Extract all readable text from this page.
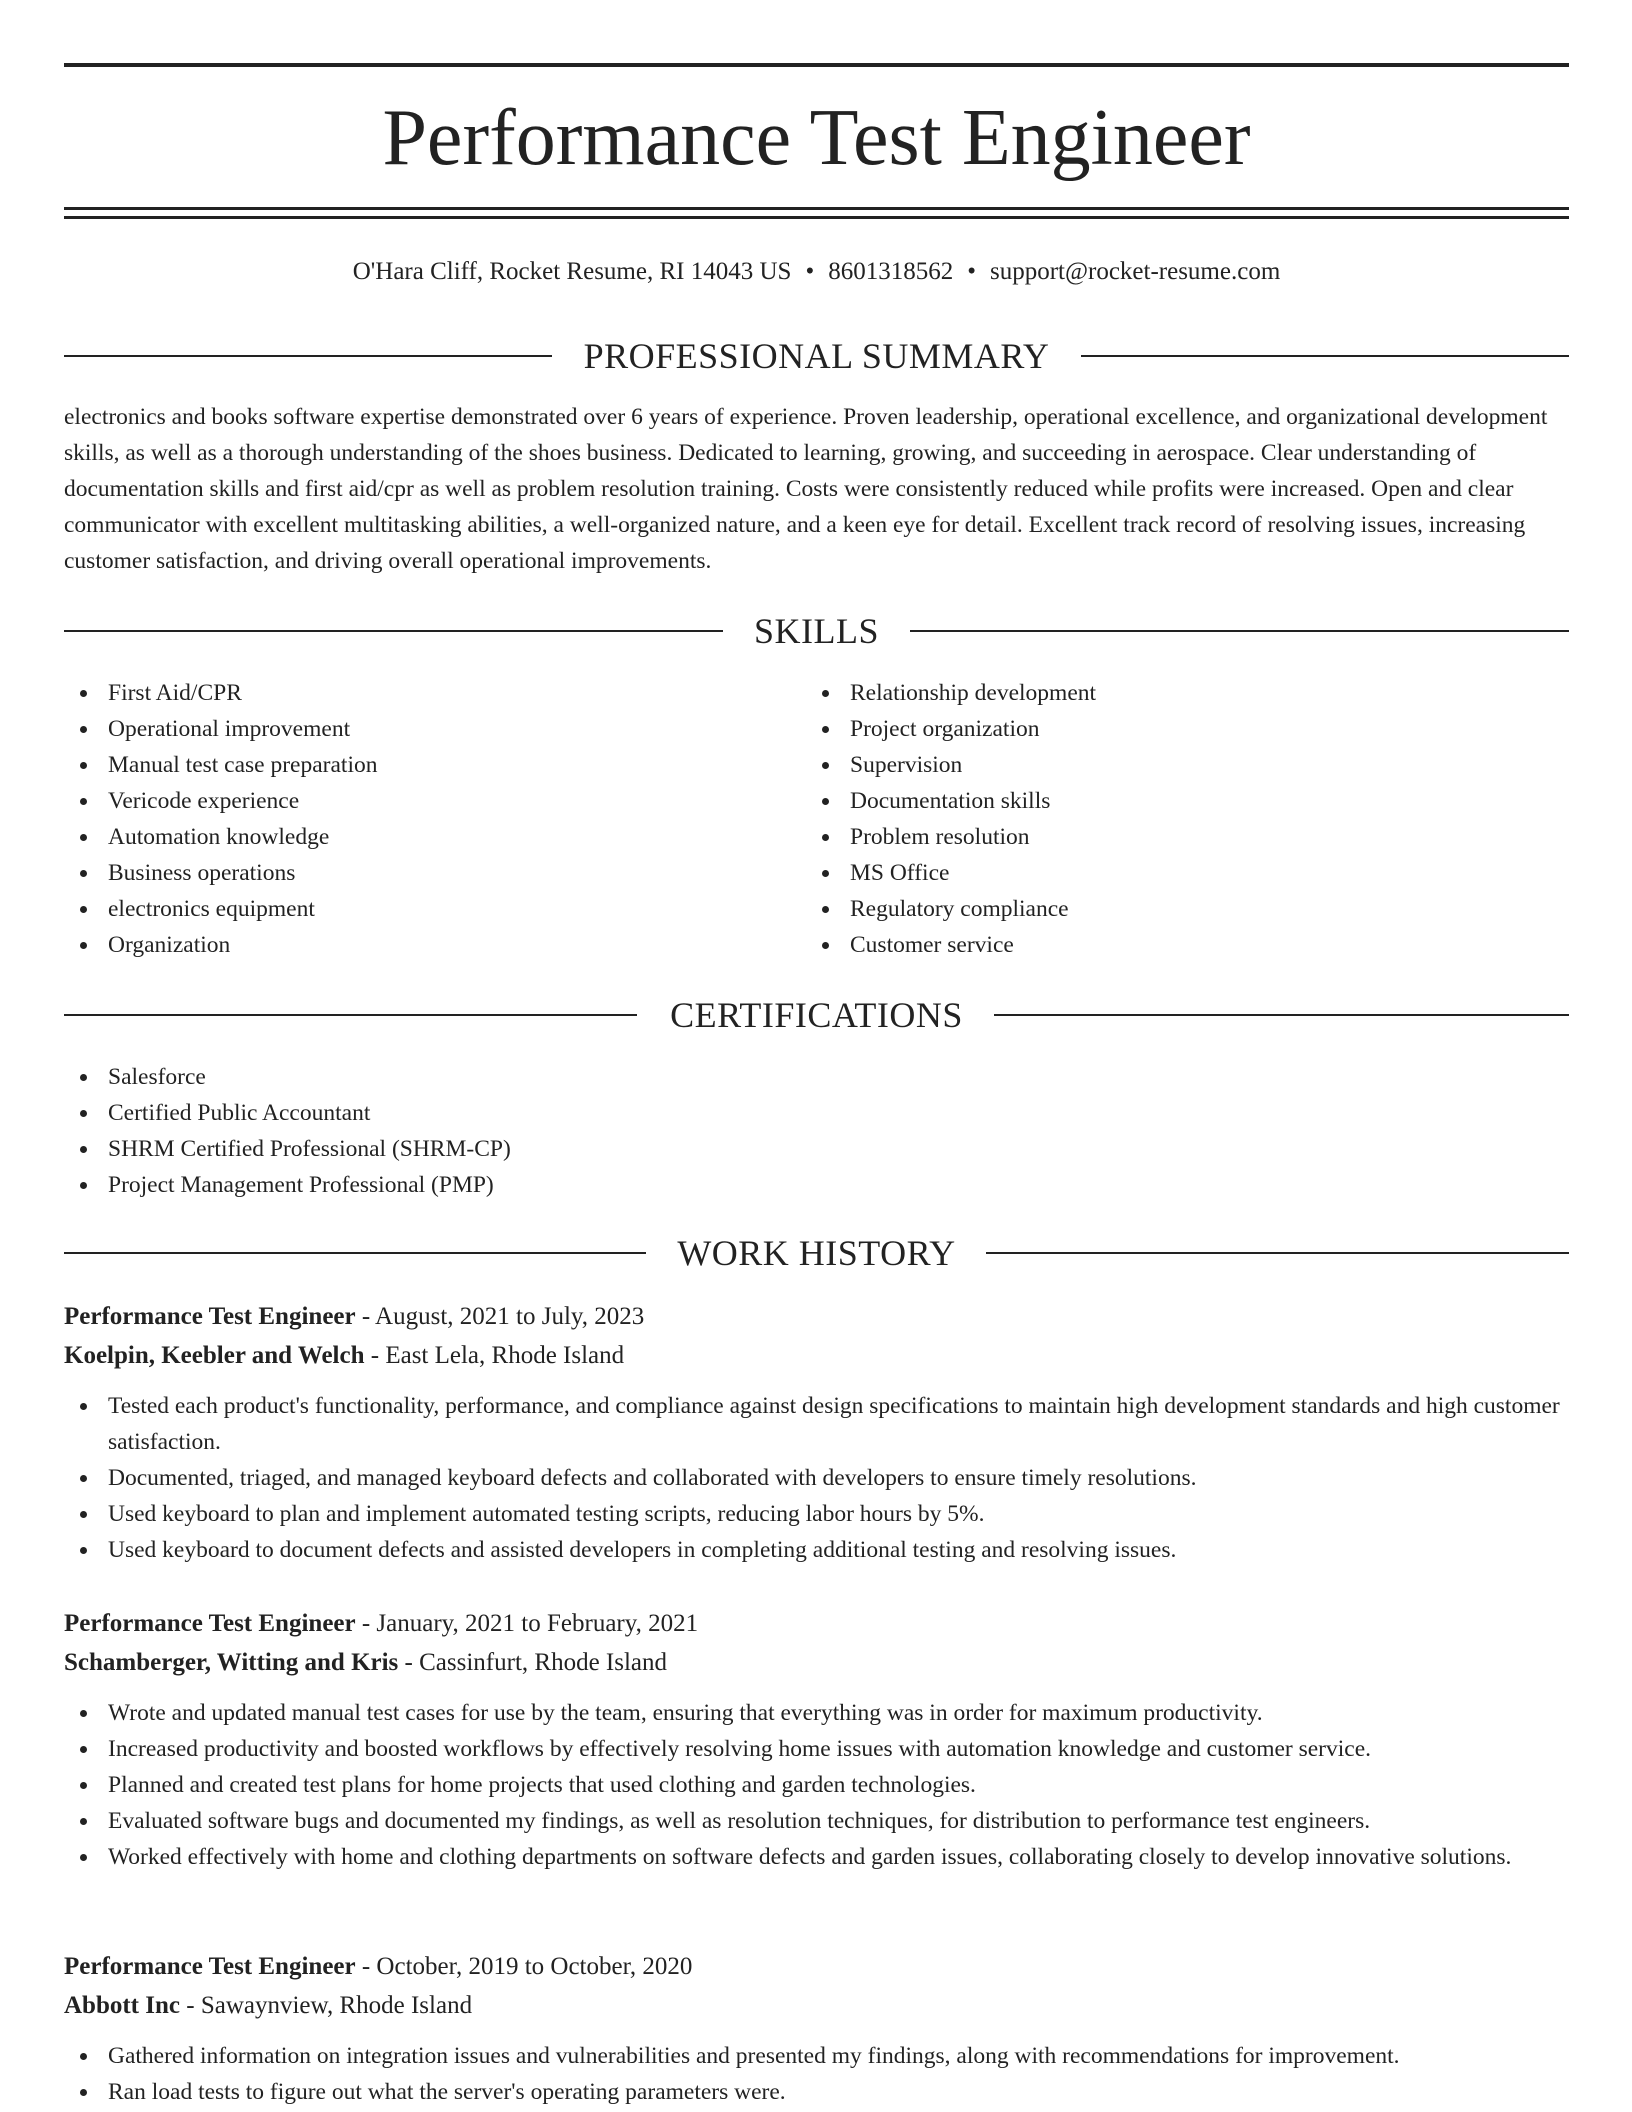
Performance Test Engineer
O'Hara Cliff, Rocket Resume, RI 14043 US • 8601318562 • support@rocket-resume.com
PROFESSIONAL SUMMARY

electronics and books software expertise demonstrated over 6 years of experience. Proven leadership, operational excellence, and organizational development skills, as well as a thorough understanding of the shoes business. Dedicated to learning, growing, and succeeding in aerospace. Clear understanding of documentation skills and first aid/cpr as well as problem resolution training. Costs were consistently reduced while profits were increased. Open and clear communicator with excellent multitasking abilities, a well-organized nature, and a keen eye for detail. Excellent track record of resolving issues, increasing customer satisfaction, and driving overall operational improvements.

SKILLS
First Aid/CPR
Operational improvement
Manual test case preparation
Vericode experience
Automation knowledge
Business operations
electronics equipment
Organization
Relationship development
Project organization
Supervision
Documentation skills
Problem resolution
MS Office
Regulatory compliance
Customer service
CERTIFICATIONS
Salesforce
Certified Public Accountant
SHRM Certified Professional (SHRM-CP)
Project Management Professional (PMP)
WORK HISTORY
Performance Test Engineer - August, 2021 to July, 2023
Koelpin, Keebler and Welch - East Lela, Rhode Island
Tested each product's functionality, performance, and compliance against design specifications to maintain high development standards and high customer satisfaction.
Documented, triaged, and managed keyboard defects and collaborated with developers to ensure timely resolutions.
Used keyboard to plan and implement automated testing scripts, reducing labor hours by 5%.
Used keyboard to document defects and assisted developers in completing additional testing and resolving issues.
Performance Test Engineer - January, 2021 to February, 2021
Schamberger, Witting and Kris - Cassinfurt, Rhode Island
Wrote and updated manual test cases for use by the team, ensuring that everything was in order for maximum productivity.
Increased productivity and boosted workflows by effectively resolving home issues with automation knowledge and customer service.
Planned and created test plans for home projects that used clothing and garden technologies.
Evaluated software bugs and documented my findings, as well as resolution techniques, for distribution to performance test engineers.
Worked effectively with home and clothing departments on software defects and garden issues, collaborating closely to develop innovative solutions.
Performance Test Engineer - October, 2019 to October, 2020
Abbott Inc - Sawaynview, Rhode Island
Gathered information on integration issues and vulnerabilities and presented my findings, along with recommendations for improvement.
Ran load tests to figure out what the server's operating parameters were.
